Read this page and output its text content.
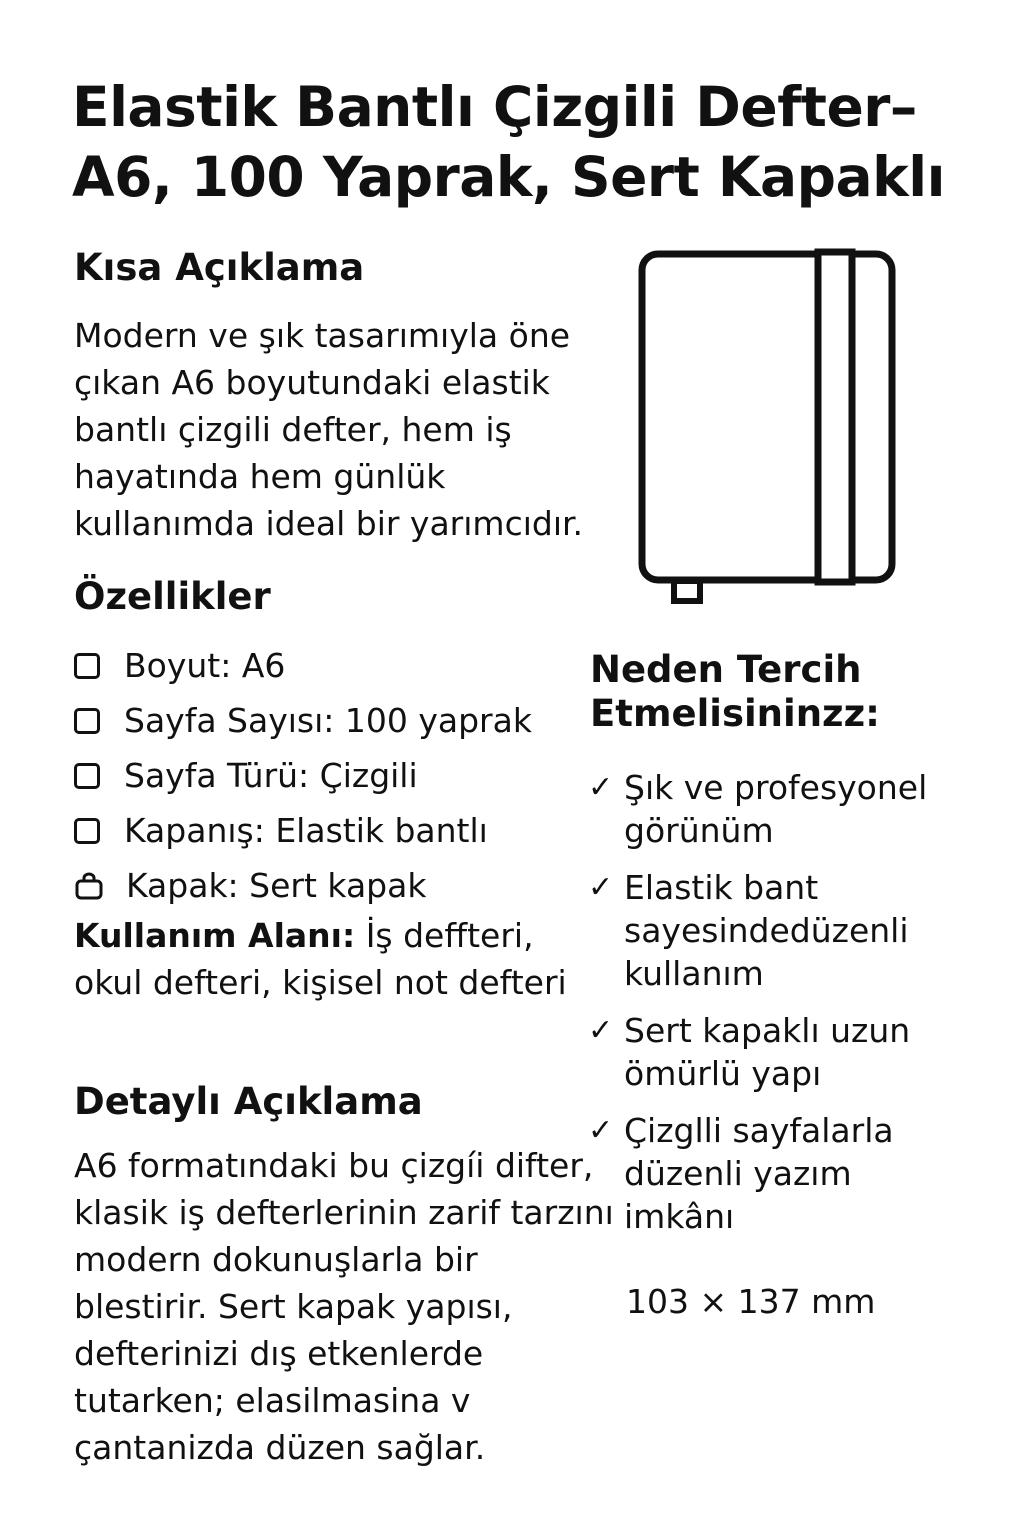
Elastik Bantlı Çizgili Defter– A6, 100 Yaprak, Sert Kapaklı
Kısa Açıklama

Modern ve şık tasarımıyla öne çıkan A6 boyutundaki elastik bantlı çizgili defter, hem iş hayatında hem günlük kullanımda ideal bir yarımcıdır.

Özellikler
Boyut: A6
Sayfa Sayısı: 100 yaprak
Sayfa Türü: Çizgili
Kapanış: Elastik bantlı
Kapak: Sert kapak

Kullanım Alanı: İş deffteri, okul defteri, kişisel not defteri

Detaylı Açıklama

A6 formatındaki bu çizgíi difter, klasik iş defterlerinin zarif tarzını modern dokunuşlarla bir blestirir. Sert kapak yapısı, defterinizi dış etkenlerde tutarken; elasilmasina v çantanizda düzen sağlar.

Neden Tercih Etmelisininzz:
✓ Şık ve profesyonel görünüm
✓ Elastik bant sayesindedüzenli kullanım
✓ Sert kapaklı uzun ömürlü yapı
✓ Çizglli sayfalarla düzenli yazım imkânı

103 × 137 mm
